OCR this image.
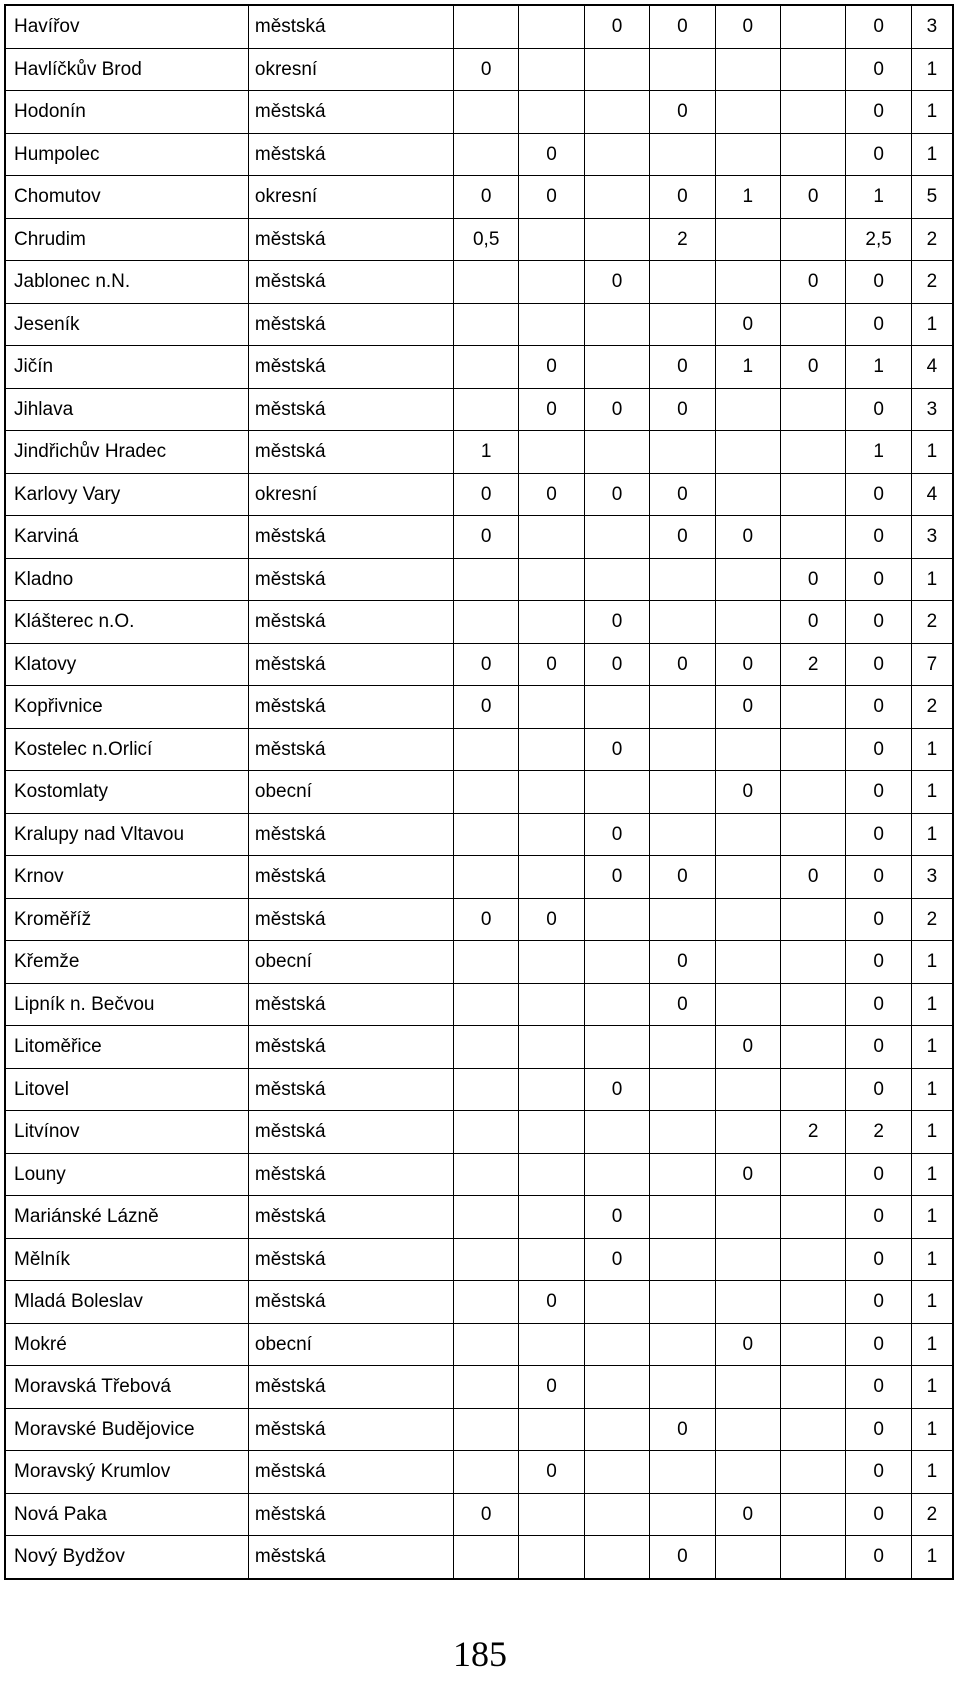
Havířov	městská			0	0	0		0	3
Havlíčkův Brod	okresní	0						0	1
Hodonín	městská				0			0	1
Humpolec	městská		0					0	1
Chomutov	okresní	0	0		0	1	0	1	5
Chrudim	městská	0,5			2			2,5	2
Jablonec n.N.	městská			0			0	0	2
Jeseník	městská					0		0	1
Jičín	městská		0		0	1	0	1	4
Jihlava	městská		0	0	0			0	3
Jindřichův Hradec	městská	1						1	1
Karlovy Vary	okresní	0	0	0	0			0	4
Karviná	městská	0			0	0		0	3
Kladno	městská						0	0	1
Klášterec n.O.	městská			0			0	0	2
Klatovy	městská	0	0	0	0	0	2	0	7
Kopřivnice	městská	0				0		0	2
Kostelec n.Orlicí	městská			0				0	1
Kostomlaty	obecní					0		0	1
Kralupy nad Vltavou	městská			0				0	1
Krnov	městská			0	0		0	0	3
Kroměříž	městská	0	0					0	2
Křemže	obecní				0			0	1
Lipník n. Bečvou	městská				0			0	1
Litoměřice	městská					0		0	1
Litovel	městská			0				0	1
Litvínov	městská						2	2	1
Louny	městská					0		0	1
Mariánské Lázně	městská			0				0	1
Mělník	městská			0				0	1
Mladá Boleslav	městská		0					0	1
Mokré	obecní					0		0	1
Moravská Třebová	městská		0					0	1
Moravské Budějovice	městská				0			0	1
Moravský Krumlov	městská		0					0	1
Nová Paka	městská	0				0		0	2
Nový Bydžov	městská				0			0	1
185
